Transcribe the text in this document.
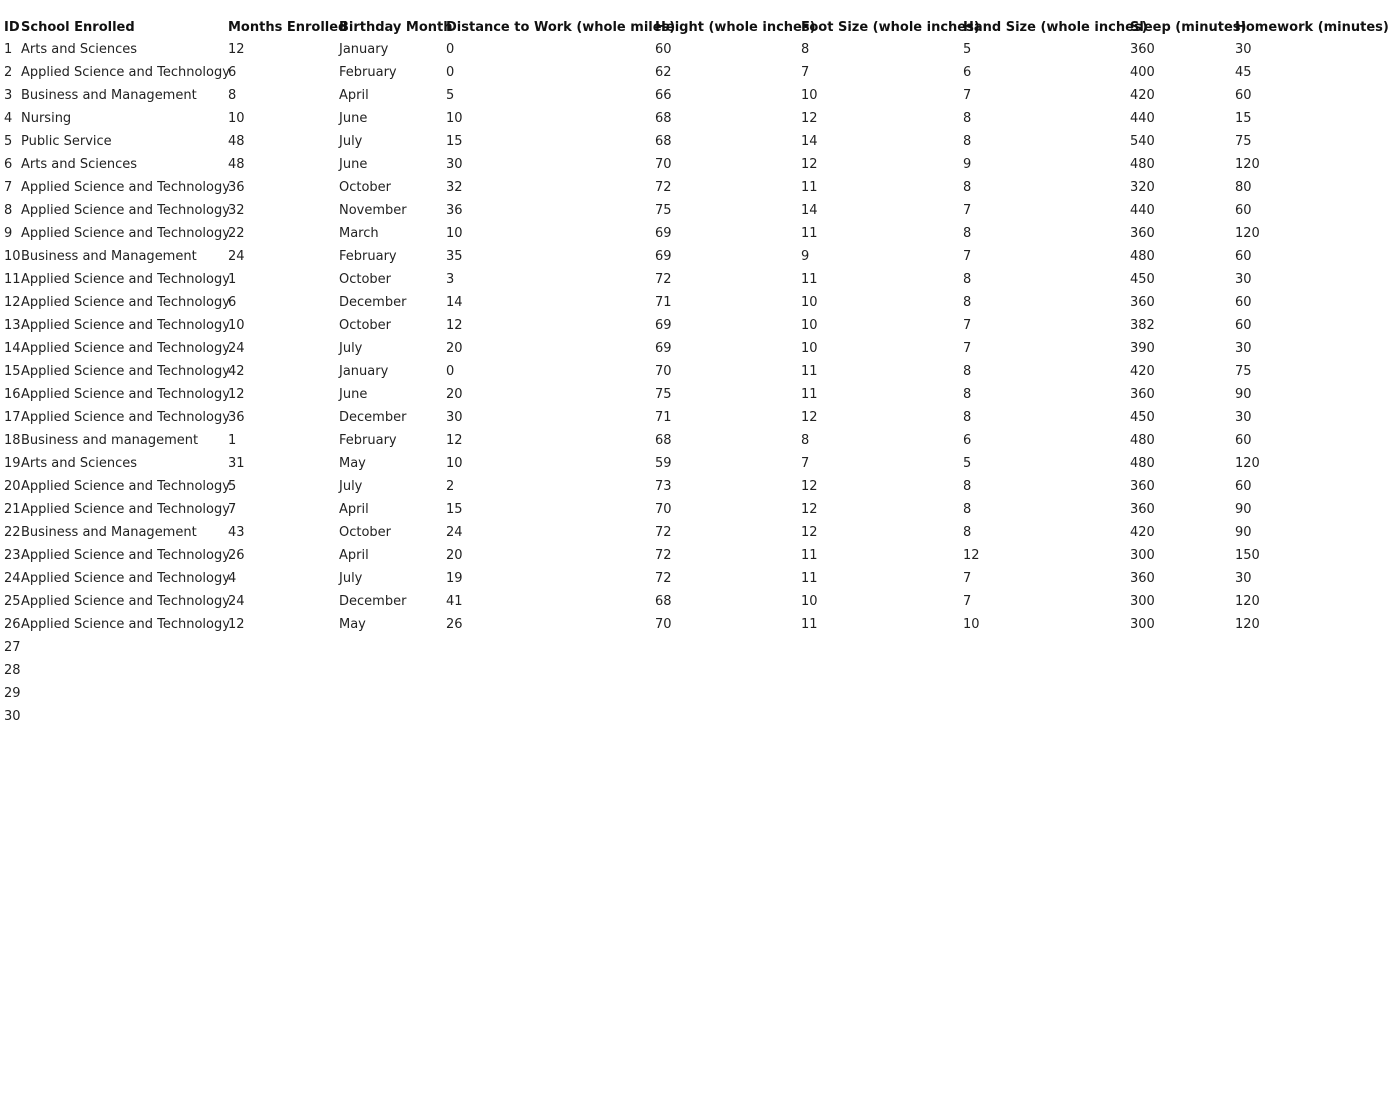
ID	School Enrolled	Months Enrolled	Birthday Month	Distance to Work (whole miles)	Height (whole inches)	Foot Size (whole inches)	Hand Size (whole inches)	Sleep (minutes)	Homework (minutes)
1	Arts and Sciences	12	January	0	60	8	5	360	30
2	Applied Science and Technology	6	February	0	62	7	6	400	45
3	Business and Management	8	April	5	66	10	7	420	60
4	Nursing	10	June	10	68	12	8	440	15
5	Public Service	48	July	15	68	14	8	540	75
6	Arts and Sciences	48	June	30	70	12	9	480	120
7	Applied Science and Technology	36	October	32	72	11	8	320	80
8	Applied Science and Technology	32	November	36	75	14	7	440	60
9	Applied Science and Technology	22	March	10	69	11	8	360	120
10	Business and Management	24	February	35	69	9	7	480	60
11	Applied Science and Technology	1	October	3	72	11	8	450	30
12	Applied Science and Technology	6	December	14	71	10	8	360	60
13	Applied Science and Technology	10	October	12	69	10	7	382	60
14	Applied Science and Technology	24	July	20	69	10	7	390	30
15	Applied Science and Technology	42	January	0	70	11	8	420	75
16	Applied Science and Technology	12	June	20	75	11	8	360	90
17	Applied Science and Technology	36	December	30	71	12	8	450	30
18	Business and management	1	February	12	68	8	6	480	60
19	Arts and Sciences	31	May	10	59	7	5	480	120
20	Applied Science and Technology	5	July	2	73	12	8	360	60
21	Applied Science and Technology	7	April	15	70	12	8	360	90
22	Business and Management	43	October	24	72	12	8	420	90
23	Applied Science and Technology	26	April	20	72	11	12	300	150
24	Applied Science and Technology	4	July	19	72	11	7	360	30
25	Applied Science and Technology	24	December	41	68	10	7	300	120
26	Applied Science and Technology	12	May	26	70	11	10	300	120
27									
28									
29									
30									
